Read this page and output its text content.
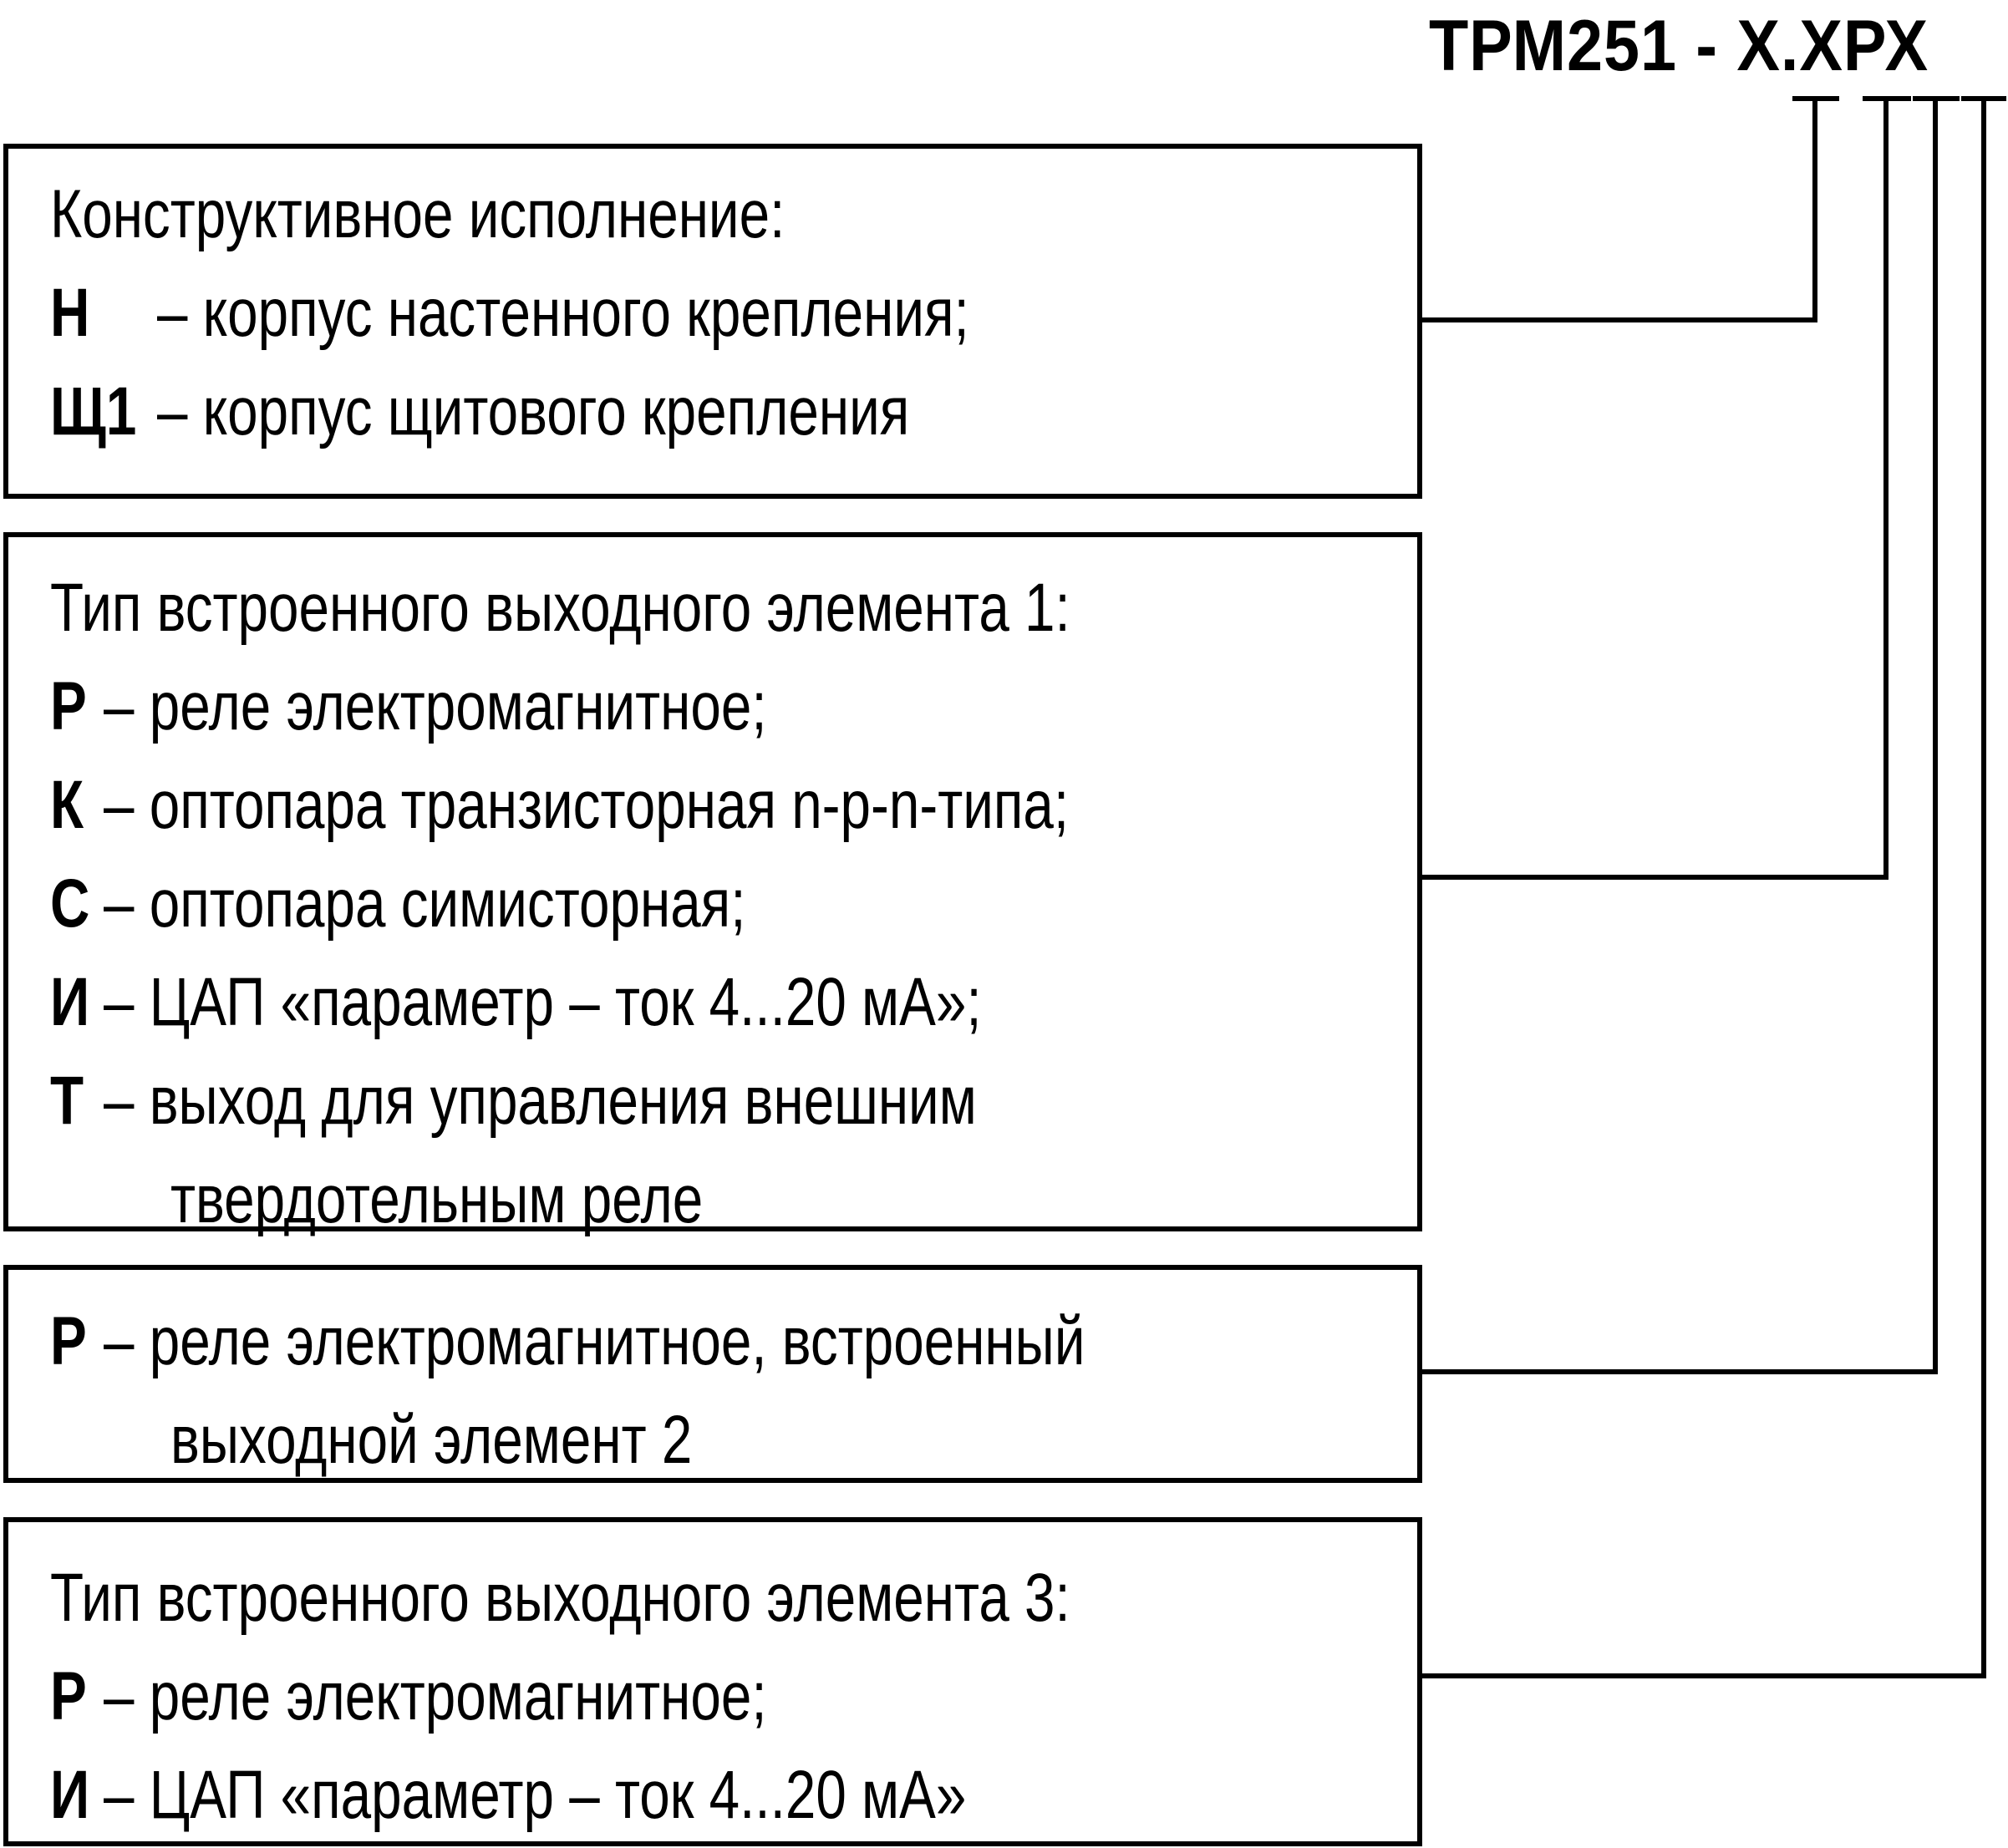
ТРМ251 - Х.ХРХ
Конструктивное исполнение:
Н – корпус настенного крепления;
Щ1 – корпус щитового крепления
Тип встроенного выходного элемента 1:
Р – реле электромагнитное;
К – оптопара транзисторная n-p-n-типа;
С – оптопара симисторная;
И – ЦАП «параметр – ток 4...20 мА»;
Т – выход для управления внешним
твердотельным реле
Р – реле электромагнитное, встроенный
выходной элемент 2
Тип встроенного выходного элемента 3:
Р – реле электромагнитное;
И – ЦАП «параметр – ток 4...20 мА»
